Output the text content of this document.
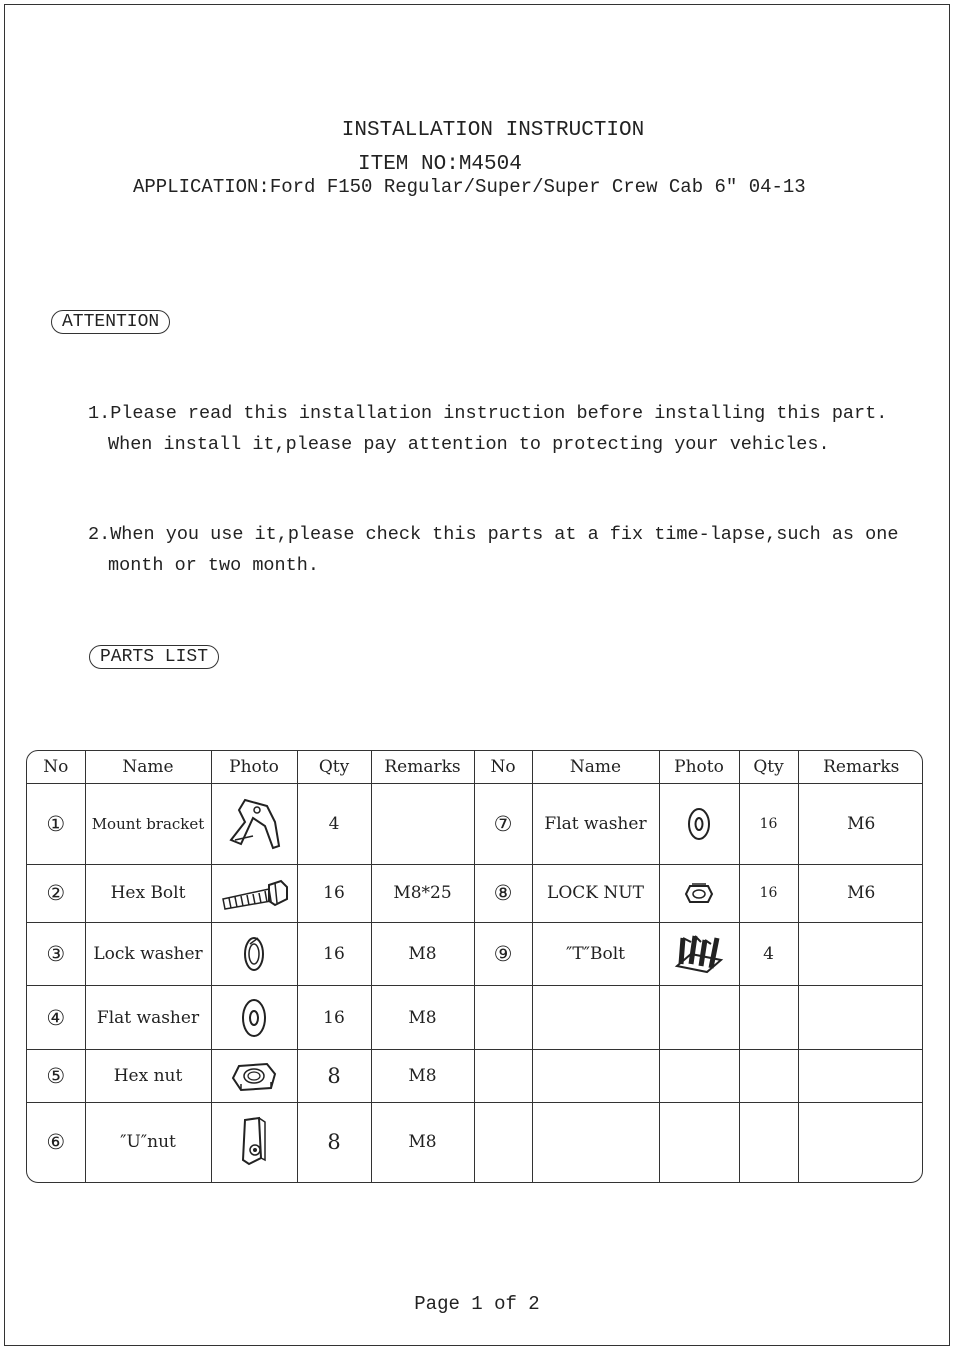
INSTALLATION INSTRUCTION
ITEM NO:M4504
APPLICATION:Ford F150 Regular/Super/Super Crew Cab 6″ 04-13
ATTENTION
1.Please read this installation instruction before installing this part.
When install it,please pay attention to protecting your vehicles.
2.When you use it,please check this parts at a fix time-lapse,such as one
month or two month.
PARTS LIST
No	Name	Photo	Qty	Remarks	No	Name	Photo	Qty	Remarks
①	Mount bracket		4		⑦	Flat washer		16	M6
②	Hex Bolt		16	M8*25	⑧	LOCK NUT		16	M6
③	Lock washer		16	M8	⑨	″T″Bolt		4	
④	Flat washer		16	M8					
⑤	Hex nut		8	M8					
⑥	″U″nut		8	M8					
Page 1 of 2
